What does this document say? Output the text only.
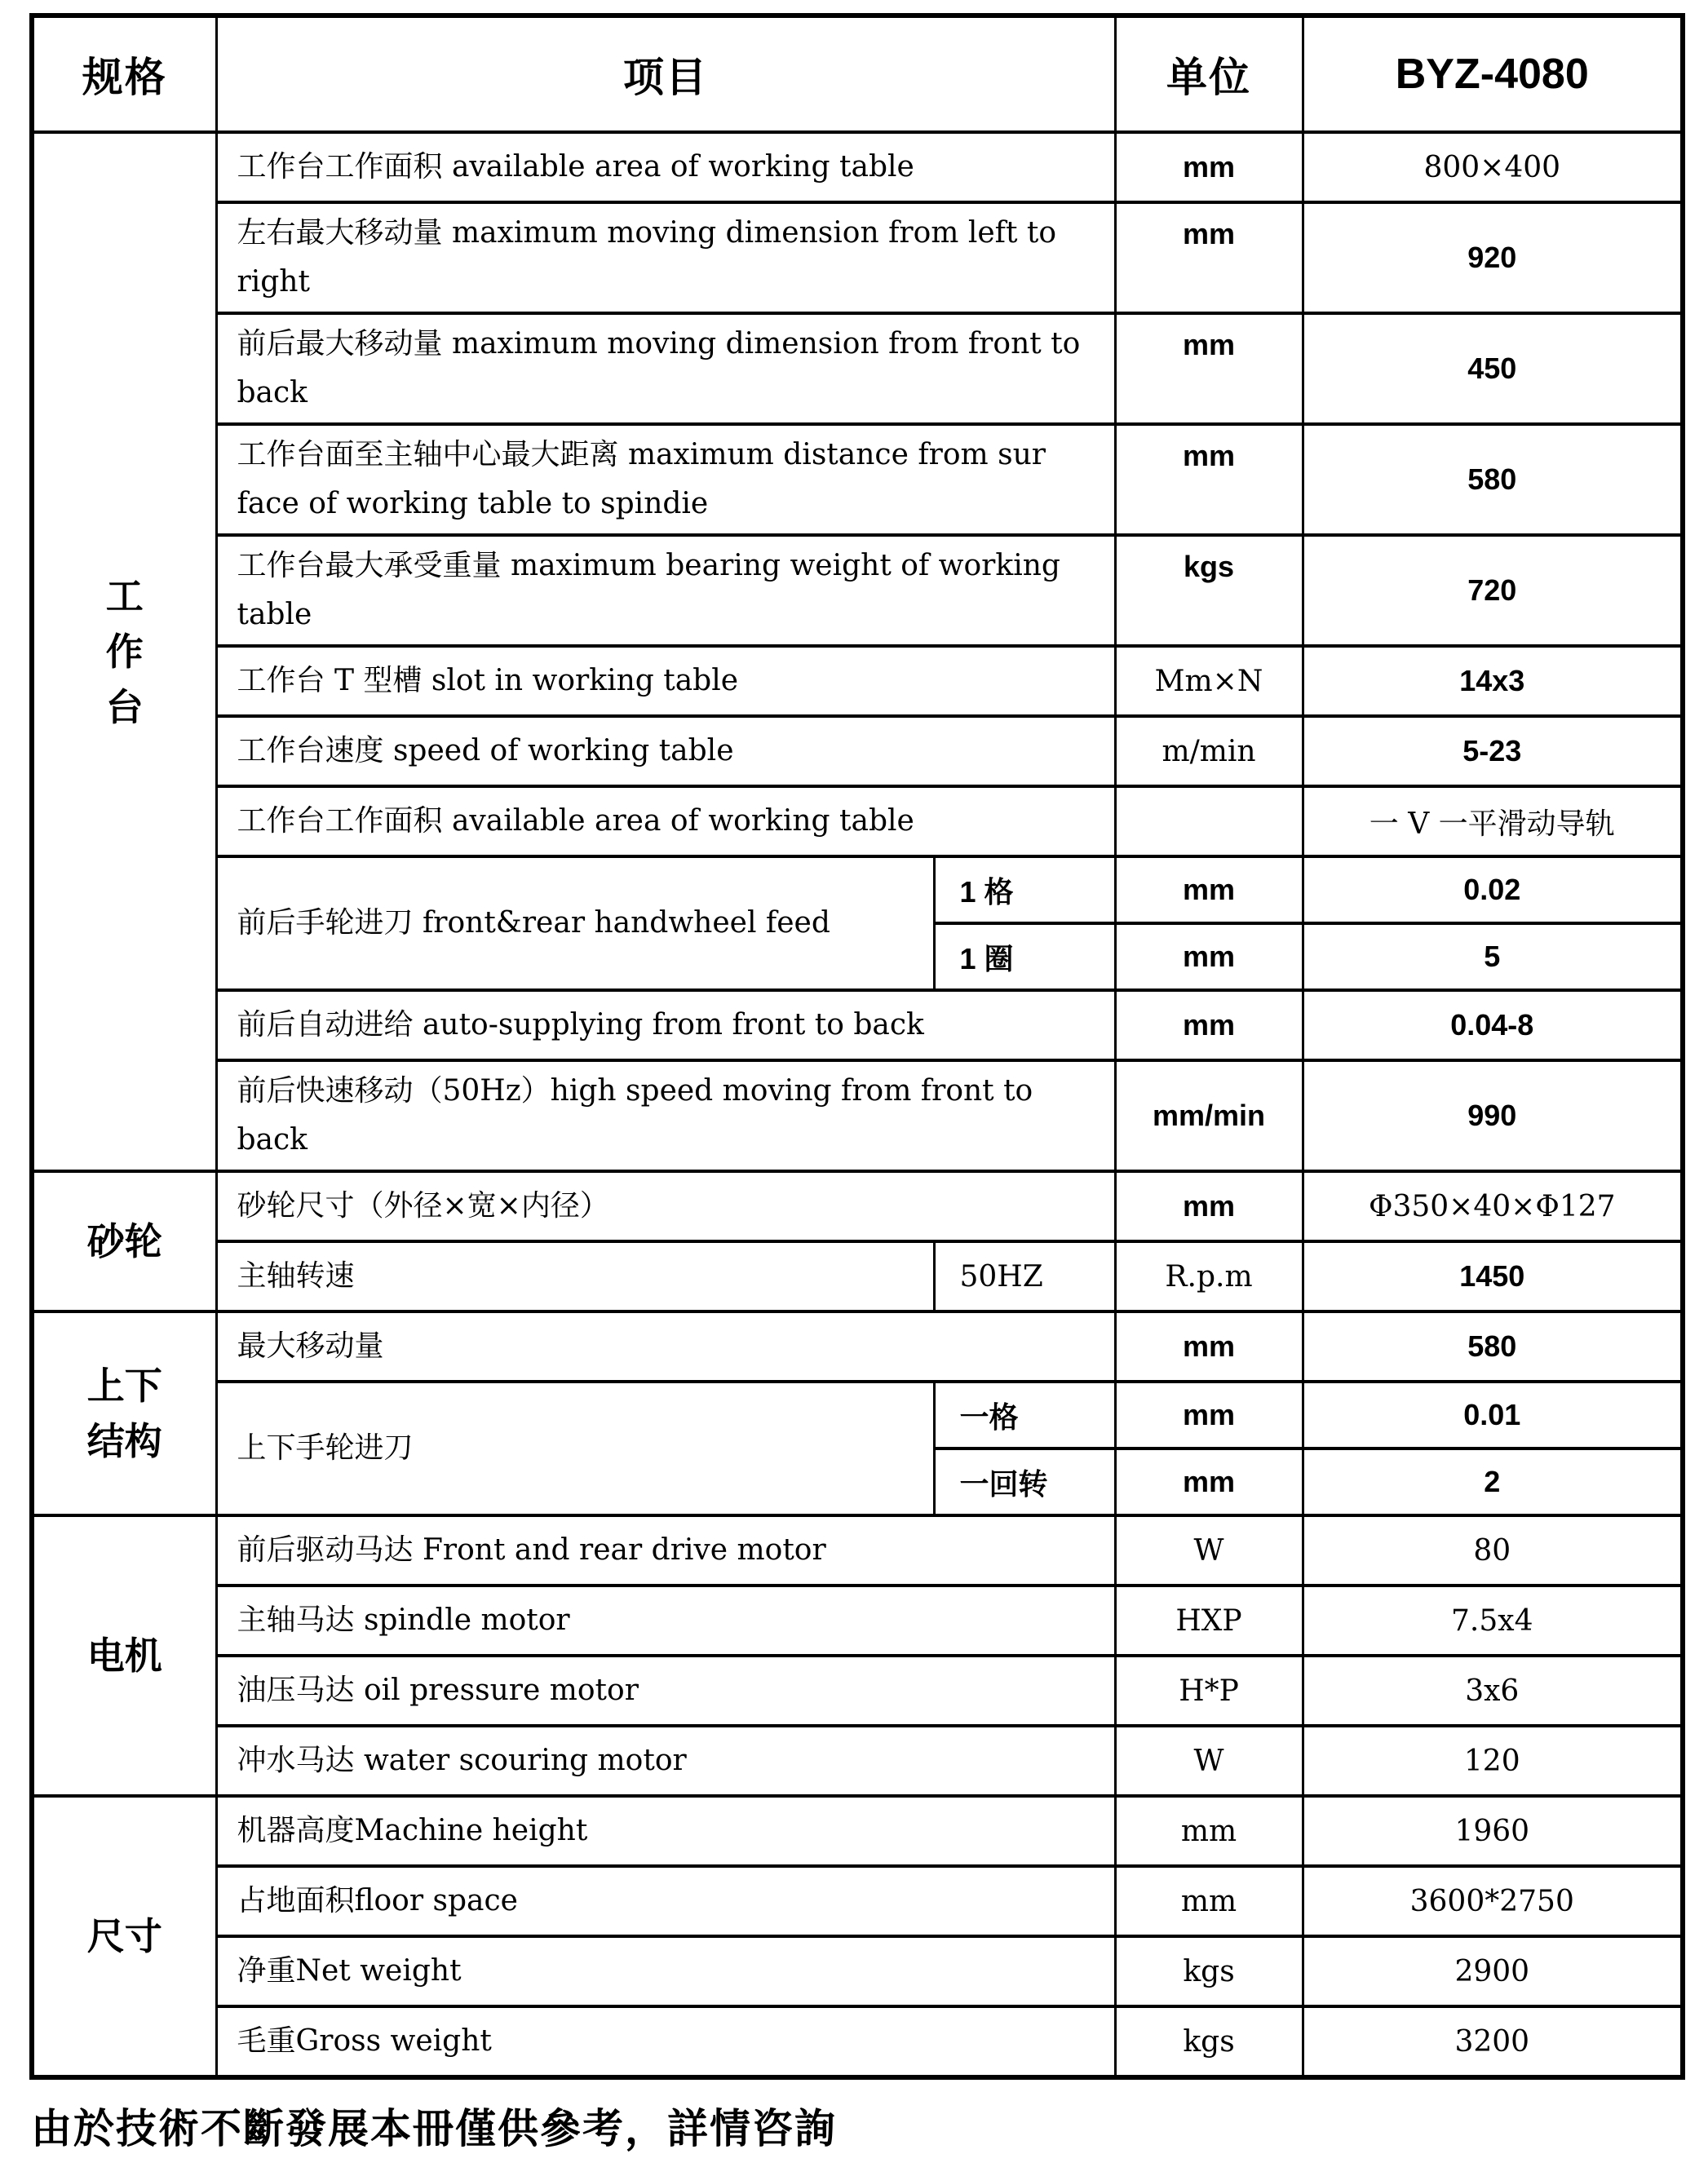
规格	项目		单位	BYZ-4080

工
作
台	工作台工作面积 available area of working table		mm	800×400
	左右最大移动量 maximum moving dimension from left to right		mm	920
	前后最大移动量 maximum moving dimension from front to back		mm	450
	工作台面至主轴中心最大距离 maximum distance from sur face of working table to spindie		mm	580
	工作台最大承受重量 maximum bearing weight of working table		kgs	720
	工作台 T 型槽 slot in working table		Mm×N	14x3
	工作台速度 speed of working table		m/min	5-23
	工作台工作面积 available area of working table			一 V 一平滑动导轨
	前后手轮进刀 front&rear handwheel feed	1 格	mm	0.02
		1 圈	mm	5
	前后自动进给 auto-supplying from front to back		mm	0.04-8
	前后快速移动（50Hz）high speed moving from front to back		mm/min	990

砂轮	砂轮尺寸（外径×宽×内径）		mm	Φ350×40×Φ127
	主轴转速	50HZ	R.p.m	1450

上下
结构	最大移动量		mm	580
	上下手轮进刀	一格	mm	0.01
		一回转	mm	2

电机	前后驱动马达 Front and rear drive motor		W	80
	主轴马达 spindle motor		HXP	7.5x4
	油压马达 oil pressure motor		H*P	3x6
	冲水马达 water scouring motor		W	120

尺寸	机器高度Machine height		mm	1960
	占地面积floor space		mm	3600*2750
	净重Net weight		kgs	2900
	毛重Gross weight		kgs	3200
由於技術不斷發展本冊僅供參考，詳情咨詢
